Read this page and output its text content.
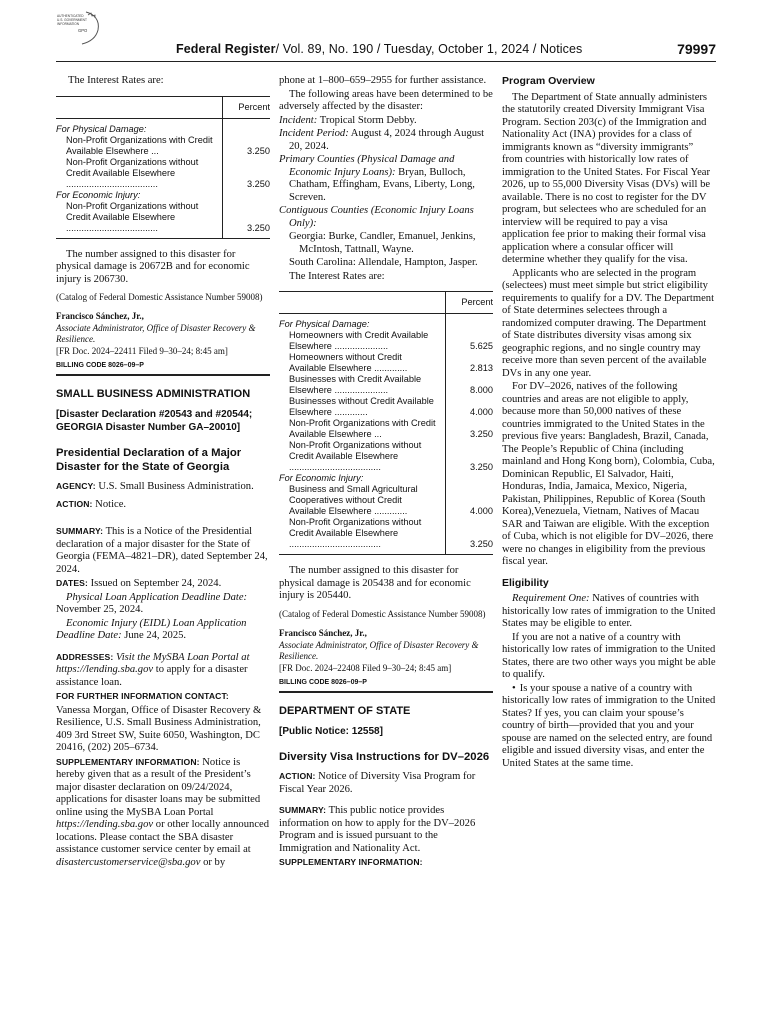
AUTHENTICATED
U.S. GOVERNMENT
INFORMATION
GPO
Federal Register/ Vol. 89, No. 190 / Tuesday, October 1, 2024 / Notices	79997
The Interest Rates are:
	Percent

For Physical Damage:	

Non-Profit Organizations with Credit Available Elsewhere ...	3.250

Non-Profit Organizations without Credit Available Elsewhere ....................................	3.250

For Economic Injury:	

Non-Profit Organizations without Credit Available Elsewhere ....................................	3.250
The number assigned to this disaster for physical damage is 20672B and for economic injury is 206730.
(Catalog of Federal Domestic Assistance Number 59008)
Francisco Sánchez, Jr.,
Associate Administrator, Office of Disaster Recovery & Resilience.
[FR Doc. 2024–22411 Filed 9–30–24; 8:45 am]
BILLING CODE 8026–09–P
SMALL BUSINESS ADMINISTRATION
[Disaster Declaration #20543 and #20544; GEORGIA Disaster Number GA–20010]
Presidential Declaration of a Major Disaster for the State of Georgia
AGENCY: U.S. Small Business Administration.
ACTION: Notice.
SUMMARY: This is a Notice of the Presidential declaration of a major disaster for the State of Georgia (FEMA–4821–DR), dated September 24, 2024.
DATES: Issued on September 24, 2024.
Physical Loan Application Deadline Date: November 25, 2024.
Economic Injury (EIDL) Loan Application Deadline Date: June 24, 2025.
ADDRESSES: Visit the MySBA Loan Portal at https://lending.sba.gov to apply for a disaster assistance loan.
FOR FURTHER INFORMATION CONTACT:
Vanessa Morgan, Office of Disaster Recovery & Resilience, U.S. Small Business Administration, 409 3rd Street SW, Suite 6050, Washington, DC 20416, (202) 205–6734.
SUPPLEMENTARY INFORMATION: Notice is hereby given that as a result of the President’s major disaster declaration on 09/24/2024, applications for disaster loans may be submitted online using the MySBA Loan Portal https://lending.sba.gov or other locally announced locations. Please contact the SBA disaster assistance customer service center by email at disastercustomerservice@sba.gov or by
phone at 1–800–659–2955 for further assistance.
The following areas have been determined to be adversely affected by the disaster:
Incident: Tropical Storm Debby.
Incident Period: August 4, 2024 through August 20, 2024.
Primary Counties (Physical Damage and Economic Injury Loans): Bryan, Bulloch, Chatham, Effingham, Evans, Liberty, Long, Screven.
Contiguous Counties (Economic Injury Loans Only):
Georgia: Burke, Candler, Emanuel, Jenkins, McIntosh, Tattnall, Wayne.
South Carolina: Allendale, Hampton, Jasper.
The Interest Rates are:
	Percent

For Physical Damage:	

Homeowners with Credit Available Elsewhere .....................	5.625

Homeowners without Credit Available Elsewhere .............	2.813

Businesses with Credit Available Elsewhere .....................	8.000

Businesses without Credit Available Elsewhere .............	4.000

Non-Profit Organizations with Credit Available Elsewhere ...	3.250

Non-Profit Organizations without Credit Available Elsewhere ....................................	3.250

For Economic Injury:	

Business and Small Agricultural Cooperatives without Credit Available Elsewhere .............	4.000

Non-Profit Organizations without Credit Available Elsewhere ....................................	3.250
The number assigned to this disaster for physical damage is 205438 and for economic injury is 205440.
(Catalog of Federal Domestic Assistance Number 59008)
Francisco Sánchez, Jr.,
Associate Administrator, Office of Disaster Recovery & Resilience.
[FR Doc. 2024–22408 Filed 9–30–24; 8:45 am]
BILLING CODE 8026–09–P
DEPARTMENT OF STATE
[Public Notice: 12558]
Diversity Visa Instructions for DV–2026
ACTION: Notice of Diversity Visa Program for Fiscal Year 2026.
SUMMARY: This public notice provides information on how to apply for the DV–2026 Program and is issued pursuant to the Immigration and Nationality Act.
SUPPLEMENTARY INFORMATION:
Program Overview
The Department of State annually administers the statutorily created Diversity Immigrant Visa Program. Section 203(c) of the Immigration and Nationality Act (INA) provides for a class of immigrants known as “diversity immigrants” from countries with historically low rates of immigration to the United States. For Fiscal Year 2026, up to 55,000 Diversity Visas (DVs) will be available. There is no cost to register for the DV program, but selectees who are scheduled for an interview will be required to pay a visa application fee prior to making their formal visa application where a consular officer will determine whether they qualify for the visa.
Applicants who are selected in the program (selectees) must meet simple but strict eligibility requirements to qualify for a DV. The Department of State determines selectees through a randomized computer drawing. The Department of State distributes diversity visas among six geographic regions, and no single country may receive more than seven percent of the available DVs in any one year.
For DV–2026, natives of the following countries and areas are not eligible to apply, because more than 50,000 natives of these countries immigrated to the United States in the previous five years: Bangladesh, Brazil, Canada, The People’s Republic of China (including mainland and Hong Kong born), Colombia, Cuba, Dominican Republic, El Salvador, Haiti, Honduras, India, Jamaica, Mexico, Nigeria, Pakistan, Philippines, Republic of Korea (South Korea),Venezuela, Vietnam, Natives of Macau SAR and Taiwan are eligible. With the exception of Cuba, which is not eligible for DV–2026, there were no changes in eligibility from the previous fiscal year.
Eligibility
Requirement One: Natives of countries with historically low rates of immigration to the United States may be eligible to enter.
If you are not a native of a country with historically low rates of immigration to the United States, there are two other ways you might be able to qualify.
• Is your spouse a native of a country with historically low rates of immigration to the United States? If yes, you can claim your spouse’s country of birth—provided that you and your spouse are named on the selected entry, are found eligible and issued diversity visas, and enter the United States at the same time.
